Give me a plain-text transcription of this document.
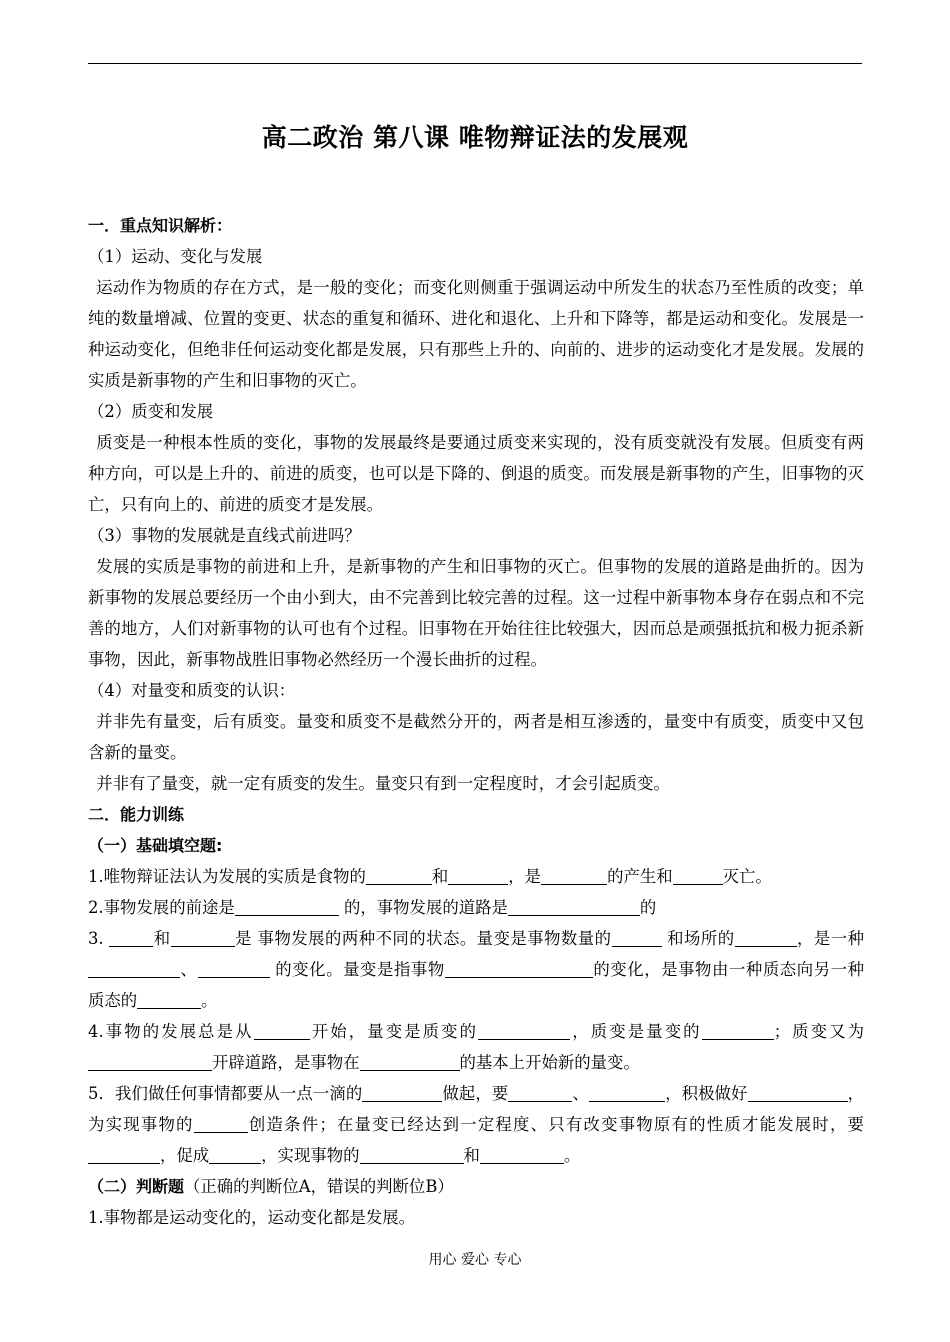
高二政治 第八课 唯物辩证法的发展观

一．重点知识解析：

（1）运动、变化与发展

运动作为物质的存在方式，是一般的变化；而变化则侧重于强调运动中所发生的状态乃至性质的改变；单纯的数量增减、位置的变更、状态的重复和循环、进化和退化、上升和下降等，都是运动和变化。发展是一种运动变化，但绝非任何运动变化都是发展，只有那些上升的、向前的、进步的运动变化才是发展。发展的实质是新事物的产生和旧事物的灭亡。

（2）质变和发展

质变是一种根本性质的变化，事物的发展最终是要通过质变来实现的，没有质变就没有发展。但质变有两种方向，可以是上升的、前进的质变，也可以是下降的、倒退的质变。而发展是新事物的产生，旧事物的灭亡，只有向上的、前进的质变才是发展。

（3）事物的发展就是直线式前进吗？

发展的实质是事物的前进和上升，是新事物的产生和旧事物的灭亡。但事物的发展的道路是曲折的。因为新事物的发展总要经历一个由小到大，由不完善到比较完善的过程。这一过程中新事物本身存在弱点和不完善的地方，人们对新事物的认可也有个过程。旧事物在开始往往比较强大，因而总是顽强抵抗和极力扼杀新事物，因此，新事物战胜旧事物必然经历一个漫长曲折的过程。

（4）对量变和质变的认识：

并非先有量变，后有质变。量变和质变不是截然分开的，两者是相互渗透的，量变中有质变，质变中又包含新的量变。

并非有了量变，就一定有质变的发生。量变只有到一定程度时，才会引起质变。

二．能力训练

（一）基础填空题:

1.唯物辩证法认为发展的实质是食物的	和	，是	的产生和	灭亡。

2.事物发展的前途是	的，事物发展的道路是	的

3.	和	是 事物发展的两种不同的状态。量变是事物数量的	和场所的	，是一种、	的变化。量变是指事物	的变化，是事物由一种质态向另一种质态的	。

4.事物的发展总是从	开始，量变是质变的	，质变是量变的	；质变又为开辟道路，是事物在	的基本上开始新的量变。

5．我们做任何事情都要从一点一滴的	做起，要	、	，积极做好	，为实现事物的	创造条件；在量变已经达到一定程度、只有改变事物原有的性质才能发展时，要，促成	，实现事物的	和	。

（二）判断题（正确的判断位A，错误的判断位B）

1.事物都是运动变化的，运动变化都是发展。

用心 爱心 专心
